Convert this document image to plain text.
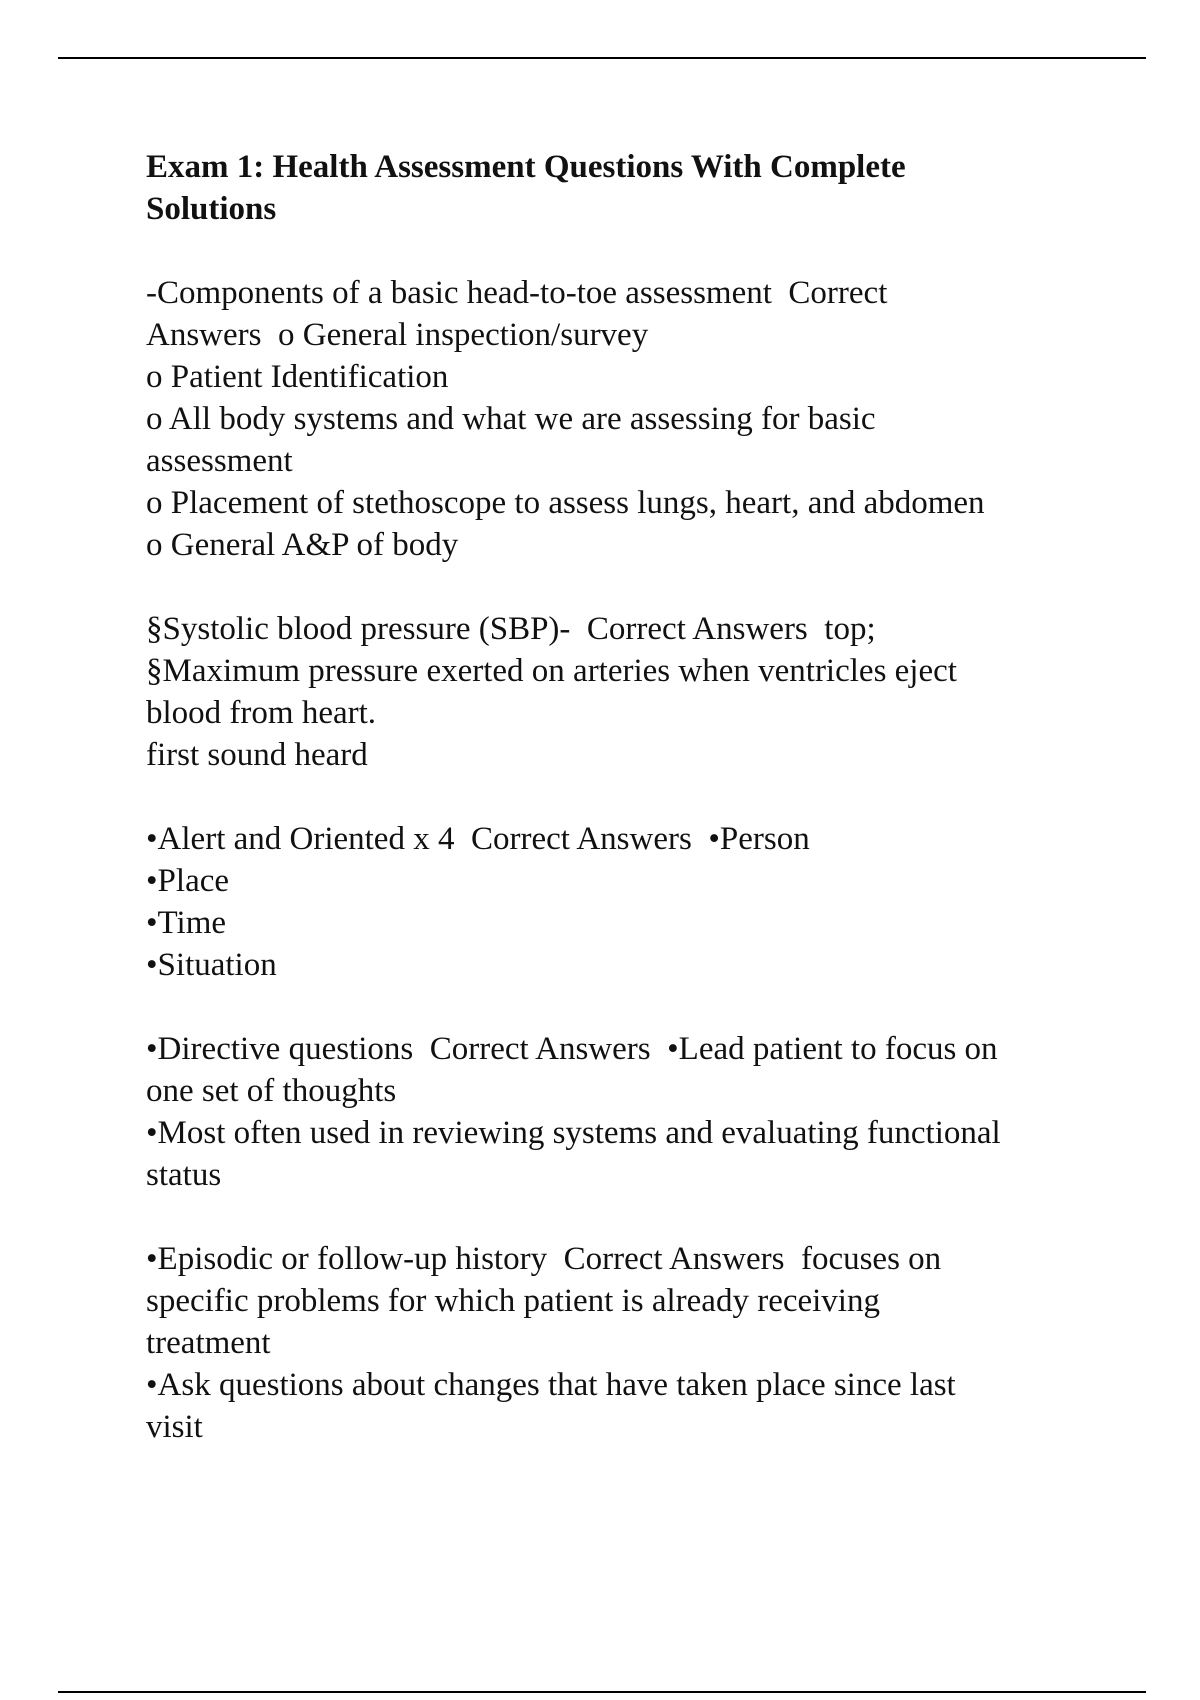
Exam 1: Health Assessment Questions With Complete
Solutions
-Components of a basic head-to-toe assessment  Correct
Answers  o General inspection/survey
o Patient Identification
o All body systems and what we are assessing for basic
assessment
o Placement of stethoscope to assess lungs, heart, and abdomen
o General A&P of body
§Systolic blood pressure (SBP)-  Correct Answers  top;
§Maximum pressure exerted on arteries when ventricles eject
blood from heart.
first sound heard
•Alert and Oriented x 4  Correct Answers  •Person
•Place
•Time
•Situation
•Directive questions  Correct Answers  •Lead patient to focus on
one set of thoughts
•Most often used in reviewing systems and evaluating functional
status
•Episodic or follow-up history  Correct Answers  focuses on
specific problems for which patient is already receiving
treatment
•Ask questions about changes that have taken place since last
visit
